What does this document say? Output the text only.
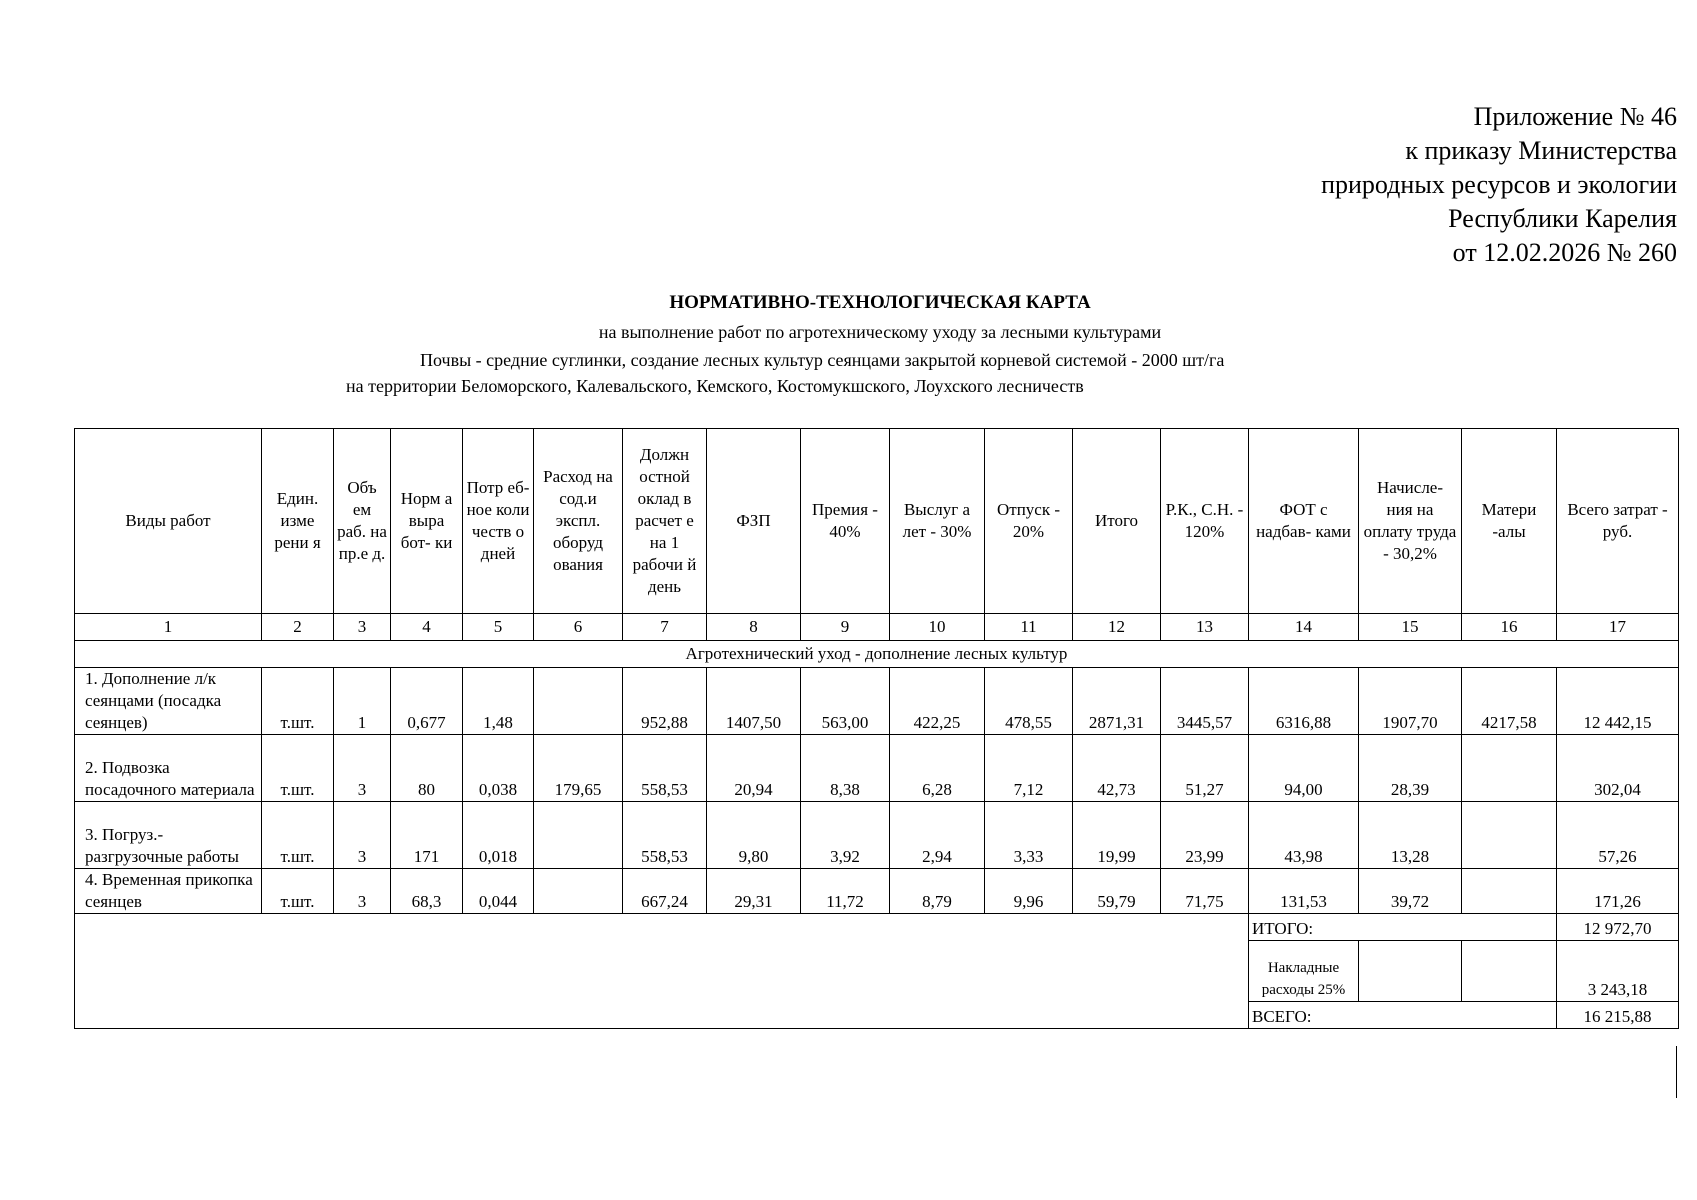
Приложение № 46
к приказу Министерства
природных ресурсов и экологии
Республики Карелия
от 12.02.2026 № 260
НОРМАТИВНО-ТЕХНОЛОГИЧЕСКАЯ КАРТА
на выполнение работ по агротехническому уходу за лесными культурами
Почвы - средние суглинки, создание лесных культур сеянцами закрытой корневой системой - 2000 шт/га
на территории Беломорского, Калевальского, Кемского, Костомукшского, Лоухского лесничеств
Виды работ	Един. изме рени я	Объ ем раб. на пр.е д.	Норм а выра бот- ки	Потр еб- ное коли честв о дней	Расход на сод.и экспл. оборуд ования	Должн остной оклад в расчет е на 1 рабочи й день	ФЗП	Премия - 40%	Выслуг а лет - 30%	Отпуск - 20%	Итого	Р.К., С.Н. - 120%	ФОТ с надбав- ками	Начисле- ния на оплату труда - 30,2%	Матери -алы	Всего затрат - руб.
1	2	3	4	5	6	7	8	9	10	11	12	13	14	15	16	17
Агротехнический уход - дополнение лесных культур																
1. Дополнение л/к сеянцами (посадка сеянцев)	т.шт.	1	0,677	1,48		952,88	1407,50	563,00	422,25	478,55	2871,31	3445,57	6316,88	1907,70	4217,58	12 442,15
2. Подвозка посадочного материала	т.шт.	3	80	0,038	179,65	558,53	20,94	8,38	6,28	7,12	42,73	51,27	94,00	28,39		302,04
3. Погруз.-разгрузочные работы	т.шт.	3	171	0,018		558,53	9,80	3,92	2,94	3,33	19,99	23,99	43,98	13,28		57,26
4. Временная прикопка сеянцев	т.шт.	3	68,3	0,044		667,24	29,31	11,72	8,79	9,96	59,79	71,75	131,53	39,72		171,26
													ИТОГО:			12 972,70
													Накладные расходы 25%			3 243,18
													ВСЕГО:			16 215,88
